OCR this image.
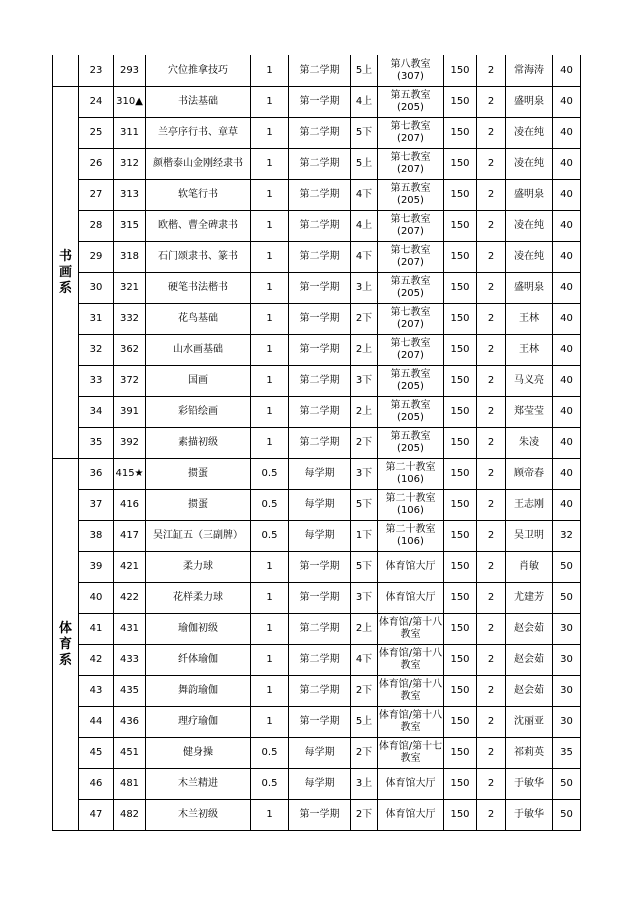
	23	293	穴位推拿技巧	1	第二学期	5上	第八教室(307)	150	2	常海涛	40

书画系	24	310▲	书法基础	1	第一学期	4上	第五教室(205)	150	2	盛明泉	40
	25	311	兰亭序行书、章草	1	第二学期	5下	第七教室(207)	150	2	凌在纯	40
	26	312	颜楷泰山金刚经隶书	1	第二学期	5上	第七教室(207)	150	2	凌在纯	40
	27	313	软笔行书	1	第二学期	4下	第五教室(205)	150	2	盛明泉	40
	28	315	欧楷、曹全碑隶书	1	第二学期	4上	第七教室(207)	150	2	凌在纯	40
	29	318	石门颂隶书、篆书	1	第二学期	4下	第七教室(207)	150	2	凌在纯	40
	30	321	硬笔书法楷书	1	第一学期	3上	第五教室(205)	150	2	盛明泉	40
	31	332	花鸟基础	1	第一学期	2下	第七教室(207)	150	2	王林	40
	32	362	山水画基础	1	第一学期	2上	第七教室(207)	150	2	王林	40
	33	372	国画	1	第二学期	3下	第五教室(205)	150	2	马义亮	40
	34	391	彩铅绘画	1	第二学期	2上	第五教室(205)	150	2	郑莹莹	40
	35	392	素描初级	1	第二学期	2下	第五教室(205)	150	2	朱凌	40

体育系	36	415★	掼蛋	0.5	每学期	3下	第二十教室(106)	150	2	顾帝春	40
	37	416	掼蛋	0.5	每学期	5下	第二十教室(106)	150	2	王志刚	40
	38	417	吴江缸五（三副牌）	0.5	每学期	1下	第二十教室(106)	150	2	吴卫明	32
	39	421	柔力球	1	第一学期	5下	体育馆大厅	150	2	肖敏	50
	40	422	花样柔力球	1	第一学期	3下	体育馆大厅	150	2	尤建芳	50
	41	431	瑜伽初级	1	第二学期	2上	体育馆/第十八教室	150	2	赵会茹	30
	42	433	纤体瑜伽	1	第二学期	4下	体育馆/第十八教室	150	2	赵会茹	30
	43	435	舞韵瑜伽	1	第二学期	2下	体育馆/第十八教室	150	2	赵会茹	30
	44	436	理疗瑜伽	1	第一学期	5上	体育馆/第十八教室	150	2	沈丽亚	30
	45	451	健身操	0.5	每学期	2下	体育馆/第十七教室	150	2	祁莉英	35
	46	481	木兰精进	0.5	每学期	3上	体育馆大厅	150	2	于敏华	50
	47	482	木兰初级	1	第一学期	2下	体育馆大厅	150	2	于敏华	50
